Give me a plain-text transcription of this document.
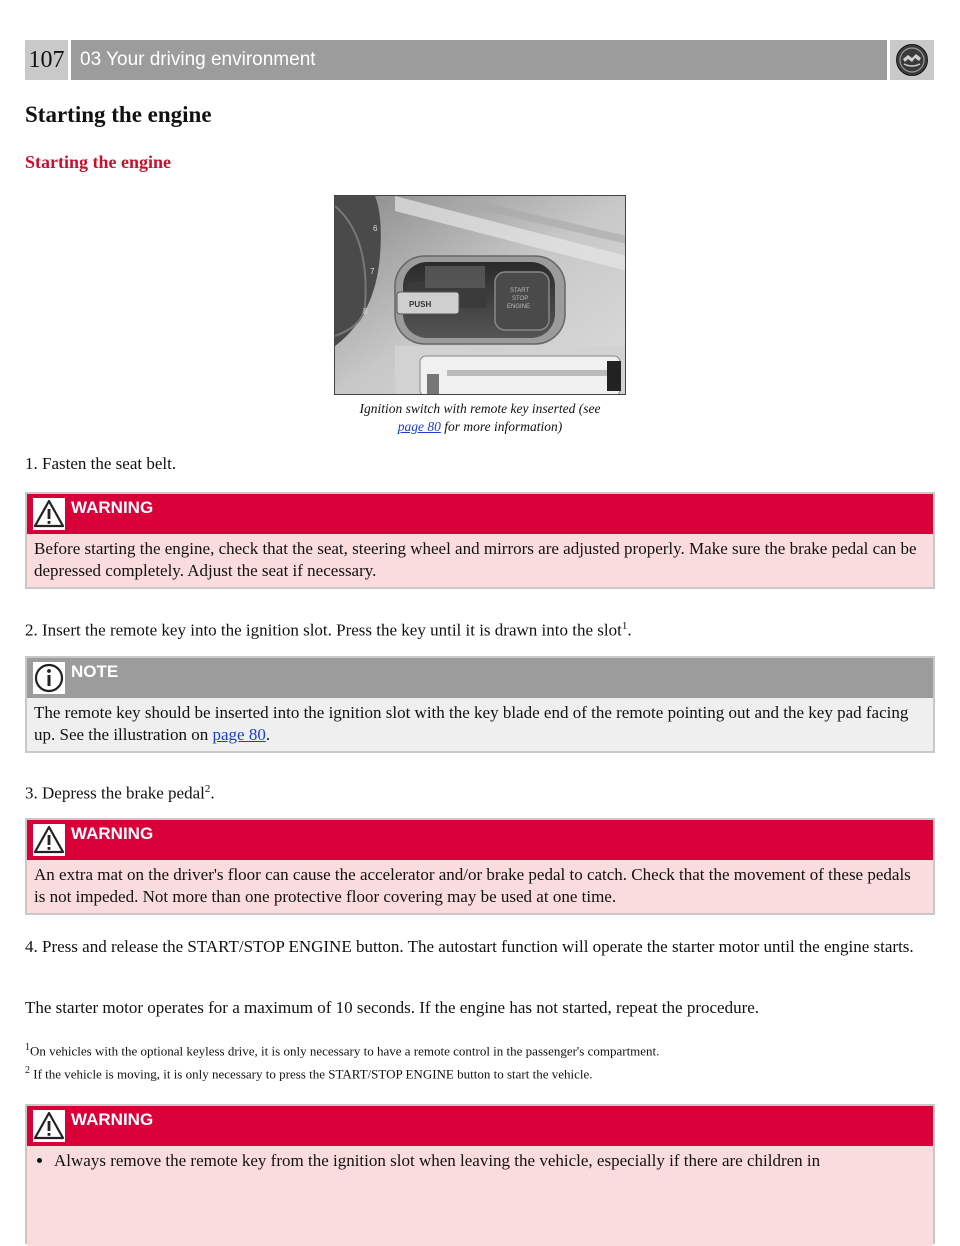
107 03 Your driving environment
Starting the engine
Starting the engine
6
7
8
PUSH
START
STOP
ENGINE
Ignition switch with remote key inserted (see
page 80 for more information)

1. Fasten the seat belt.

WARNING
Before starting the engine, check that the seat, steering wheel and mirrors are adjusted properly. Make sure the brake pedal can be depressed completely. Adjust the seat if necessary.

2. Insert the remote key into the ignition slot. Press the key until it is drawn into the slot$^1$.

NOTE
The remote key should be inserted into the ignition slot with the key blade end of the remote pointing out and the key pad facing up. See the illustration on page 80.

3. Depress the brake pedal$^2$.

WARNING
An extra mat on the driver's floor can cause the accelerator and/or brake pedal to catch. Check that the movement of these pedals is not impeded. Not more than one protective floor covering may be used at one time.

4. Press and release the START/STOP ENGINE button. The autostart function will operate the starter motor until the engine starts.

The starter motor operates for a maximum of 10 seconds. If the engine has not started, repeat the procedure.

$^1$On vehicles with the optional keyless drive, it is only necessary to have a remote control in the passenger's compartment.

$^2$ If the vehicle is moving, it is only necessary to press the START/STOP ENGINE button to start the vehicle.

WARNING
• Always remove the remote key from the ignition slot when leaving the vehicle, especially if there are children in
